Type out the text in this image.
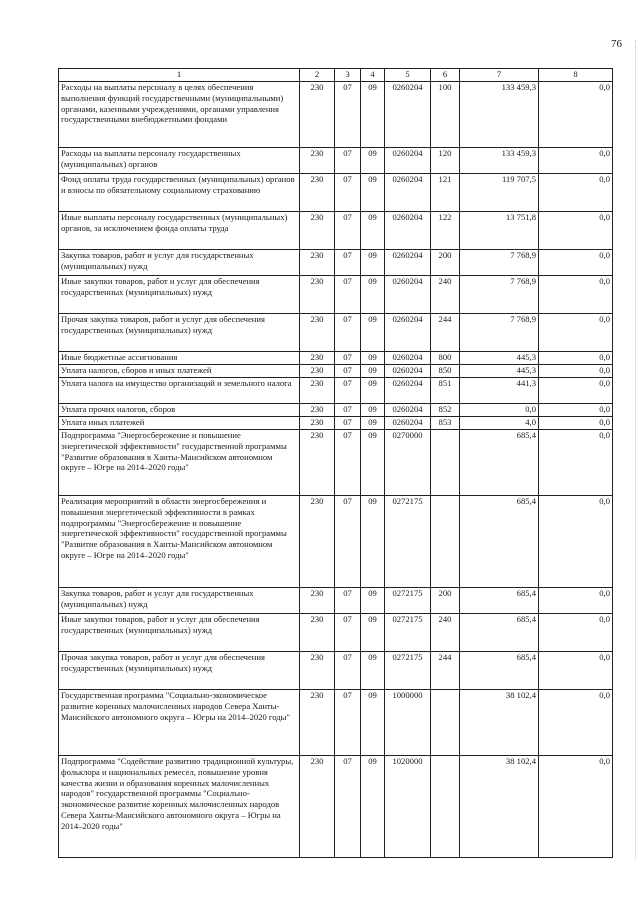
76
1	2	3	4	5	6	7	8
Расходы на выплаты персоналу в целях обеспечения выполнения функций государственными (муниципальными) органами, казенными учреждениями, органами управления государственными внебюджетными фондами	230	07	09	0260204	100	133 459,3	0,0
Расходы на выплаты персоналу государственных (муниципальных) органов	230	07	09	0260204	120	133 459,3	0,0
Фонд оплаты труда государственных (муниципальных) органов и взносы по обязательному социальному страхованию	230	07	09	0260204	121	119 707,5	0,0
Иные выплаты персоналу государственных (муниципальных) органов, за исключением фонда оплаты труда	230	07	09	0260204	122	13 751,8	0,0
Закупка товаров, работ и услуг для государственных (муниципальных) нужд	230	07	09	0260204	200	7 768,9	0,0
Иные закупки товаров, работ и услуг для обеспечения государственных (муниципальных) нужд	230	07	09	0260204	240	7 768,9	0,0
Прочая закупка товаров, работ и услуг для обеспечения государственных (муниципальных) нужд	230	07	09	0260204	244	7 768,9	0,0
Иные бюджетные ассигнования	230	07	09	0260204	800	445,3	0,0
Уплата налогов, сборов и иных платежей	230	07	09	0260204	850	445,3	0,0
Уплата налога на имущество организаций и земельного налога	230	07	09	0260204	851	441,3	0,0
Уплата прочих налогов, сборов	230	07	09	0260204	852	0,0	0,0
Уплата иных платежей	230	07	09	0260204	853	4,0	0,0
Подпрограмма "Энергосбережение и повышение энергетической эффективности" государственной программы "Развитие образования в Ханты-Мансийском автономном округе – Югре на 2014–2020 годы"	230	07	09	0270000		685,4	0,0
Реализация мероприятий в области энергосбережения и повышения энергетической эффективности в рамках подпрограммы "Энергосбережение и повышение энергетической эффективности" государственной программы "Развитие образования в Ханты-Мансийском автономном округе – Югре на 2014–2020 годы"	230	07	09	0272175		685,4	0,0
Закупка товаров, работ и услуг для государственных (муниципальных) нужд	230	07	09	0272175	200	685,4	0,0
Иные закупки товаров, работ и услуг для обеспечения государственных (муниципальных) нужд	230	07	09	0272175	240	685,4	0,0
Прочая закупка товаров, работ и услуг для обеспечения государственных (муниципальных) нужд	230	07	09	0272175	244	685,4	0,0
Государственная программа "Социально-экономическое развитие коренных малочисленных народов Севера Ханты-Мансийского автономного округа – Югры на 2014–2020 годы"	230	07	09	1000000		38 102,4	0,0
Подпрограмма "Содействие развитию традиционной культуры, фольклора и национальных ремесел, повышение уровня качества жизни и образования коренных малочисленных народов" государственной программы "Социально-экономическое развитие коренных малочисленных народов Севера Ханты-Мансийского автономного округа – Югры на 2014–2020 годы"	230	07	09	1020000		38 102,4	0,0
